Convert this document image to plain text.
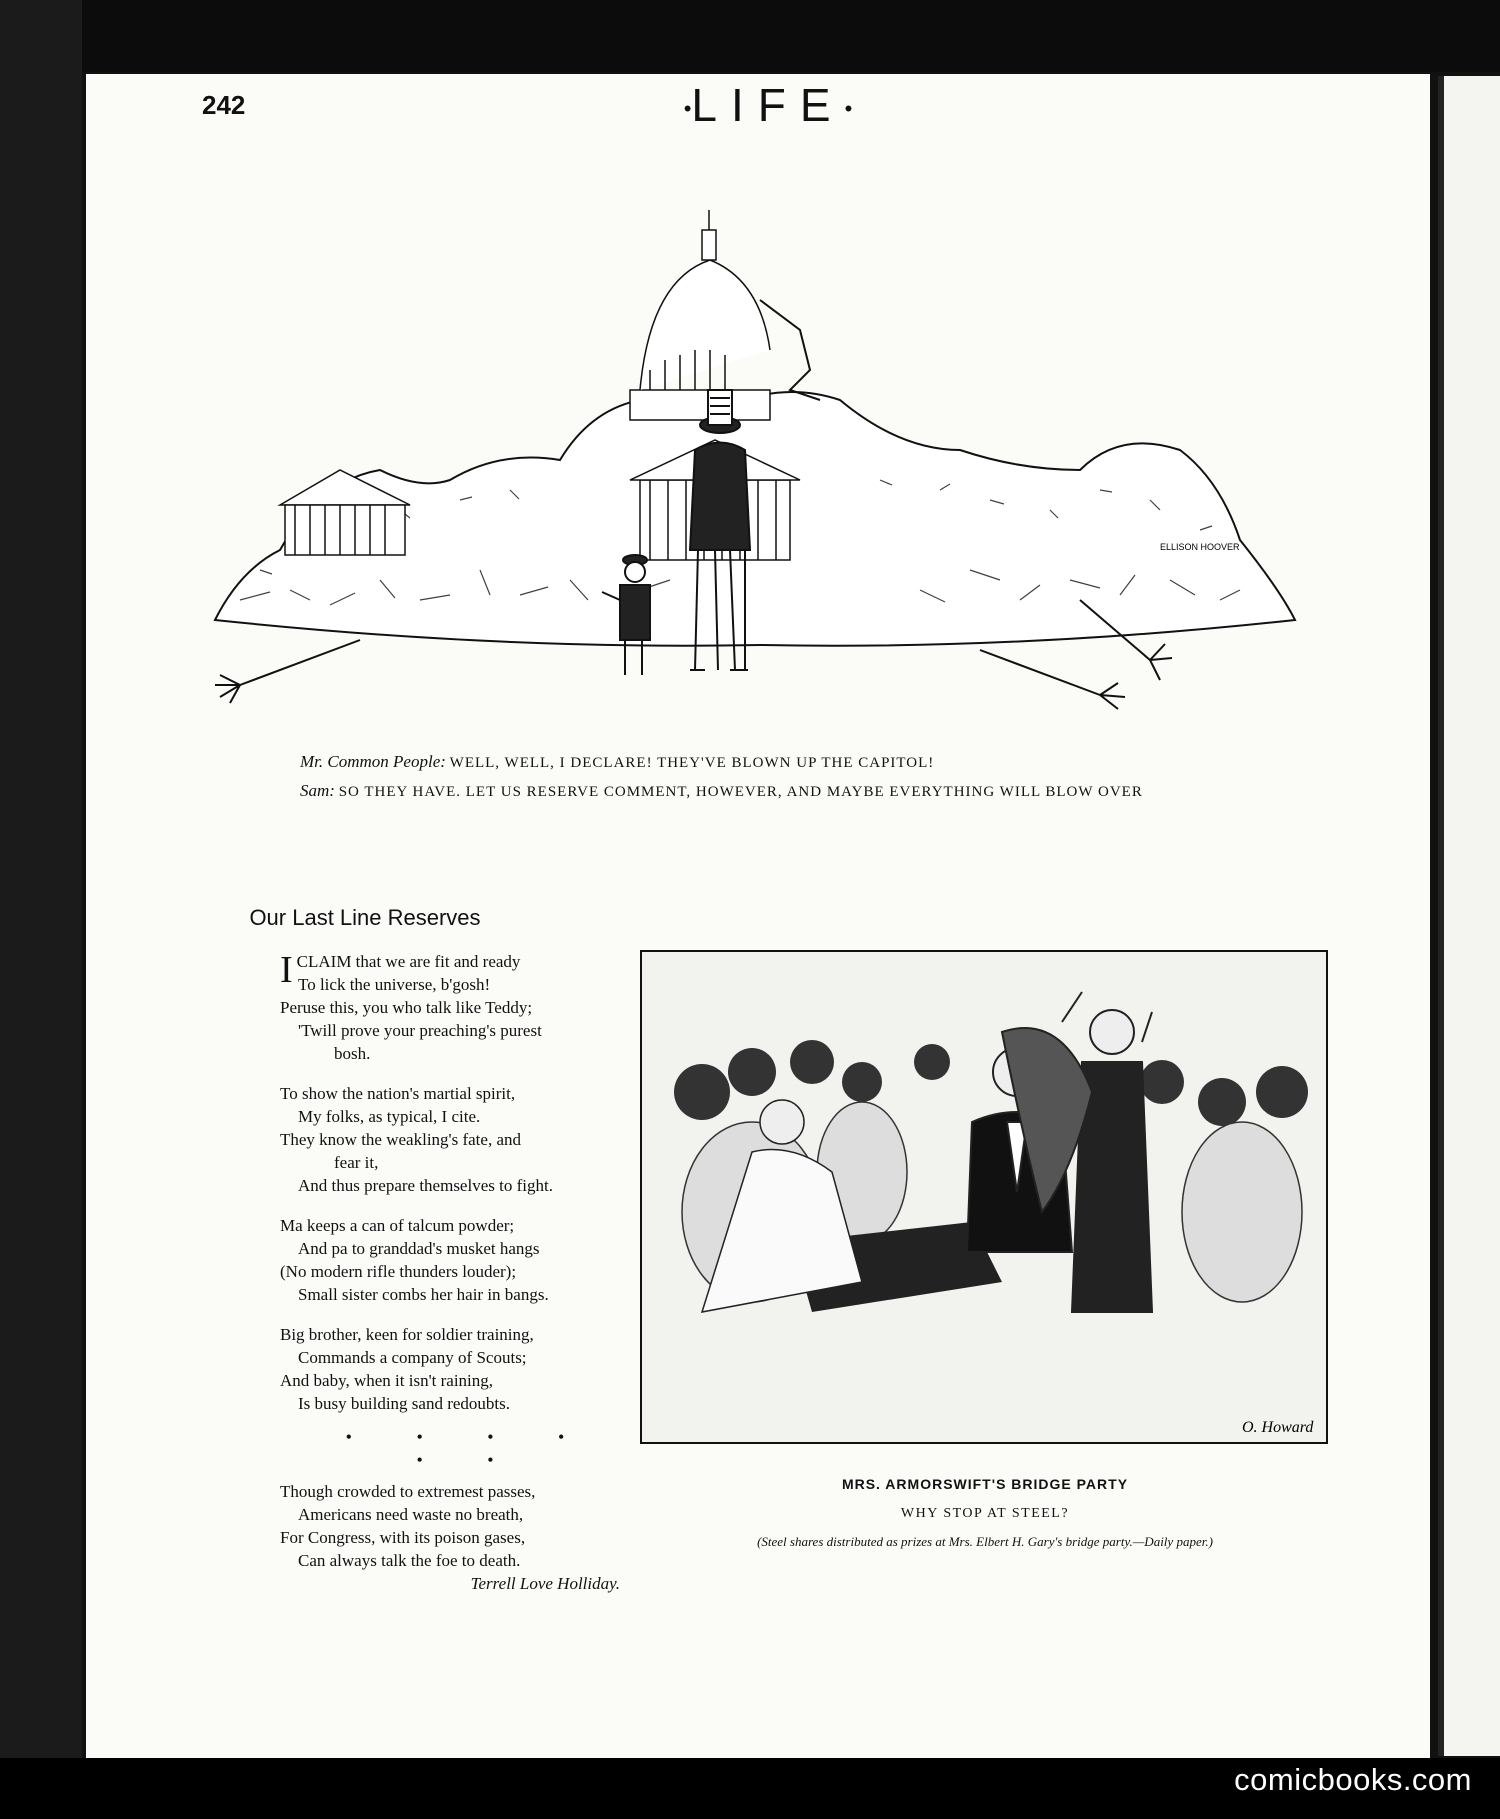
242	•LIFE•
ELLISON HOOVER
Mr. Common People: WELL, WELL, I DECLARE! THEY'VE BLOWN UP THE CAPITOL!
Sam: SO THEY HAVE. LET US RESERVE COMMENT, HOWEVER, AND MAYBE EVERYTHING WILL BLOW OVER
Our Last Line Reserves
ICLAIM that we are fit and ready
To lick the universe, b'gosh!
Peruse this, you who talk like Teddy;
'Twill prove your preaching's purest
bosh.
To show the nation's martial spirit,
My folks, as typical, I cite.
They know the weakling's fate, and
fear it,
And thus prepare themselves to fight.
Ma keeps a can of talcum powder;
And pa to granddad's musket hangs
(No modern rifle thunders louder);
Small sister combs her hair in bangs.
Big brother, keen for soldier training,
Commands a company of Scouts;
And baby, when it isn't raining,
Is busy building sand redoubts.
• • • • • •
Though crowded to extremest passes,
Americans need waste no breath,
For Congress, with its poison gases,
Can always talk the foe to death.
Terrell Love Holliday.
O. Howard
MRS. ARMORSWIFT'S BRIDGE PARTY
WHY STOP AT STEEL?
(Steel shares distributed as prizes at Mrs. Elbert H. Gary's bridge party.—Daily paper.)
comicbooks.com
